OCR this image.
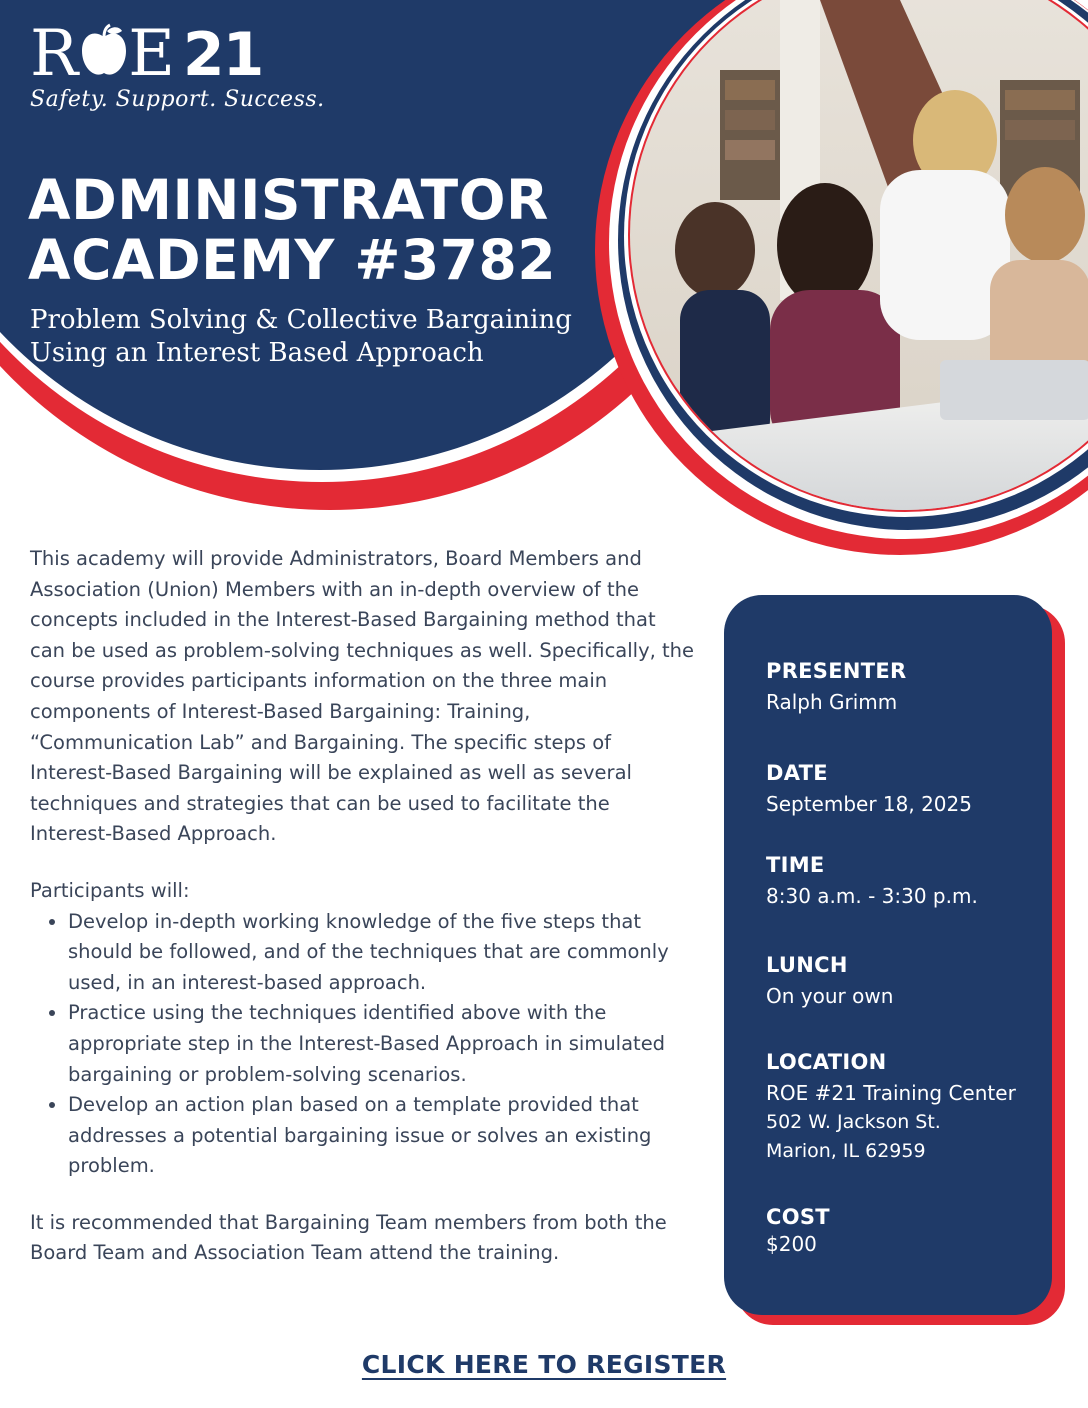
R E 21
Safety. Support. Success.
ADMINISTRATOR
ACADEMY #3782

Problem Solving & Collective Bargaining
Using an Interest Based Approach

This academy will provide Administrators, Board Members and Association (Union) Members with an in-depth overview of the concepts included in the Interest-Based Bargaining method that can be used as problem-solving techniques as well. Specifically, the course provides participants information on the three main components of Interest-Based Bargaining: Training, “Communication Lab” and Bargaining. The specific steps of Interest-Based Bargaining will be explained as well as several techniques and strategies that can be used to facilitate the Interest-Based Approach.

Participants will:

• Develop in-depth working knowledge of the five steps that should be followed, and of the techniques that are commonly used, in an interest-based approach.
• Practice using the techniques identified above with the appropriate step in the Interest-Based Approach in simulated bargaining or problem-solving scenarios.
• Develop an action plan based on a template provided that addresses a potential bargaining issue or solves an existing problem.

It is recommended that Bargaining Team members from both the Board Team and Association Team attend the training.

PRESENTER

Ralph Grimm

DATE

September 18, 2025

TIME

8:30 a.m. - 3:30 p.m.

LUNCH

On your own

LOCATION

ROE #21 Training Center

502 W. Jackson St.

Marion, IL 62959

COST

$200

CLICK HERE TO REGISTER
